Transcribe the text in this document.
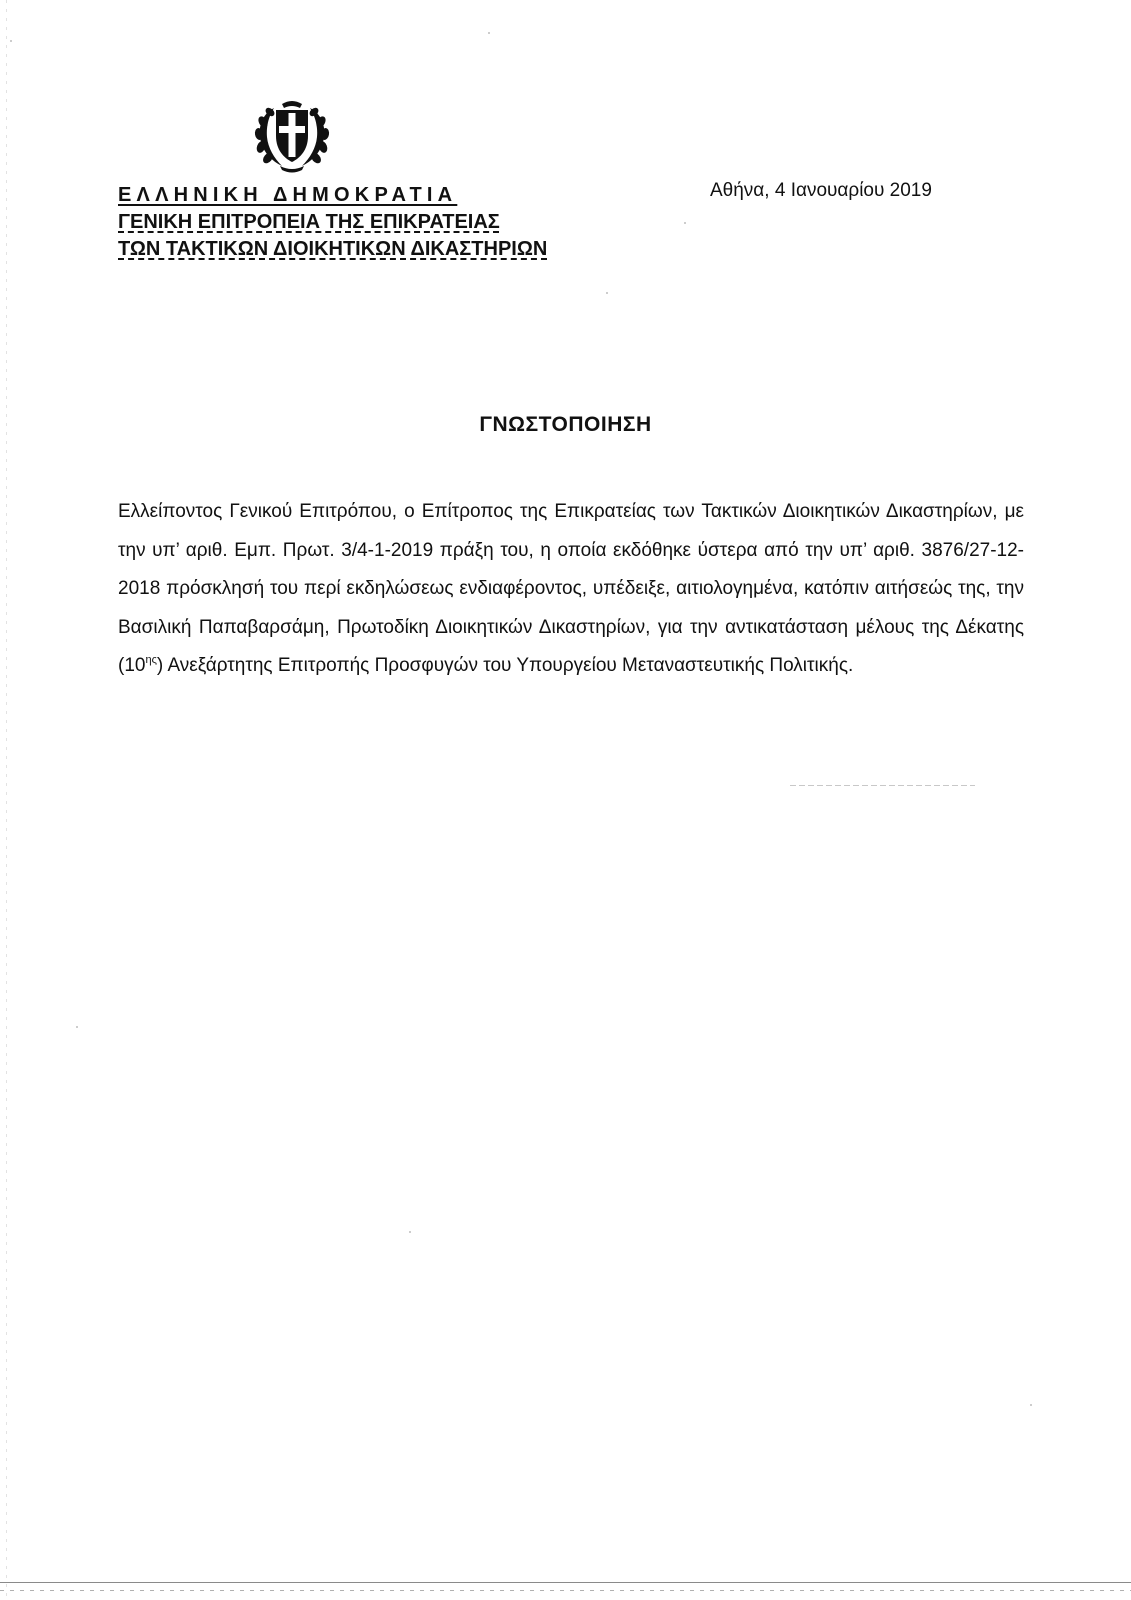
ΕΛΛΗΝΙΚΗ ΔΗΜΟΚΡΑΤΙΑ
ΓΕΝΙΚΗ ΕΠΙΤΡΟΠΕΙΑ ΤΗΣ ΕΠΙΚΡΑΤΕΙΑΣ
ΤΩΝ ΤΑΚΤΙΚΩΝ ΔΙΟΙΚΗΤΙΚΩΝ ΔΙΚΑΣΤΗΡΙΩΝ
Αθήνα, 4 Ιανουαρίου 2019
ΓΝΩΣΤΟΠΟΙΗΣΗ
Ελλείποντος Γενικού Επιτρόπου, ο Επίτροπος της Επικρατείας των Τακτικών Διοικητικών Δικαστηρίων, με την υπ’ αριθ. Εμπ. Πρωτ. 3/4-1-2019 πράξη του, η οποία εκδόθηκε ύστερα από την υπ’ αριθ. 3876/27-12-2018 πρόσκλησή του περί εκδηλώσεως ενδιαφέροντος, υπέδειξε, αιτιολογημένα, κατόπιν αιτήσεώς της, την Βασιλική Παπαβαρσάμη, Πρωτοδίκη Διοικητικών Δικαστηρίων, για την αντικατάσταση μέλους της Δέκατης $(10^{\eta\varsigma})$ Ανεξάρτητης Επιτροπής Προσφυγών του Υπουργείου Μεταναστευτικής Πολιτικής.
